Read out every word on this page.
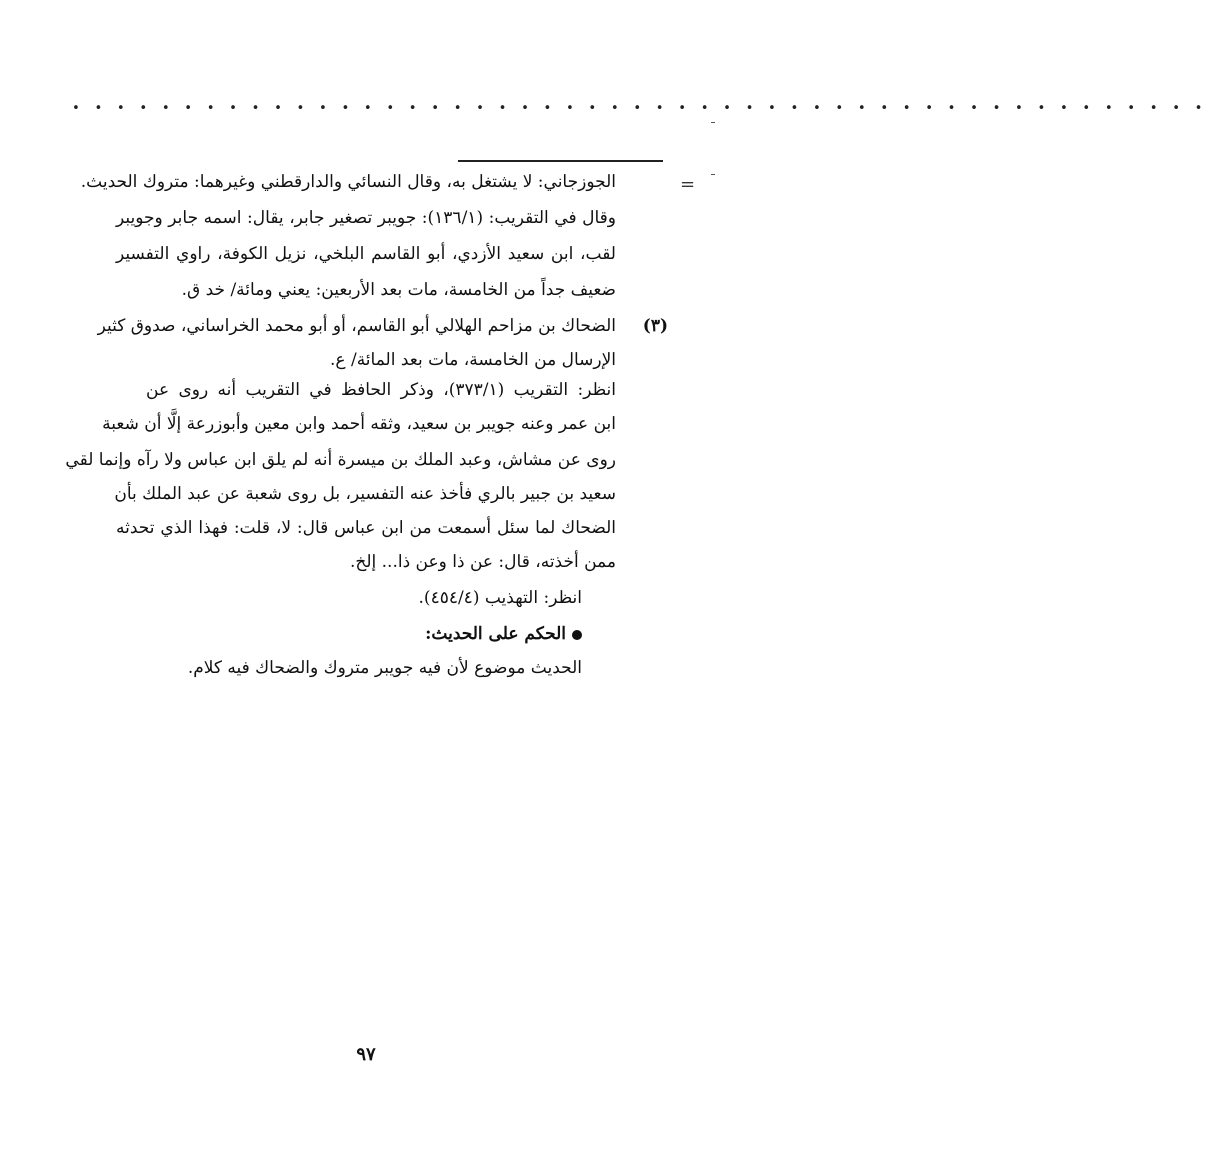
• • • • • • • • • • • • • • • • • • • • • • • • • • • • • • • • • • • • • • • • • • • • • • • • • • •
=
(٣)
الجوزجاني: لا يشتغل به، وقال النسائي والدارقطني وغيرهما: متروك الحديث.
وقال في التقريب: (١٣٦/١): جويبر تصغير جابر، يقال: اسمه جابر وجويبر
لقب، ابن سعيد الأزدي، أبو القاسم البلخي، نزيل الكوفة، راوي التفسير
ضعيف جداً من الخامسة، مات بعد الأربعين: يعني ومائة/ خد ق.
الضحاك بن مزاحم الهلالي أبو القاسم، أو أبو محمد الخراساني، صدوق كثير
الإرسال من الخامسة، مات بعد المائة/ ع.
انظر: التقريب (٣٧٣/١)، وذكر الحافظ في التقريب أنه روى عن
ابن عمر وعنه جويبر بن سعيد، وثقه أحمد وابن معين وأبوزرعة إلَّا أن شعبة
روى عن مشاش، وعبد الملك بن ميسرة أنه لم يلق ابن عباس ولا رآه وإنما لقي
سعيد بن جبير بالري فأخذ عنه التفسير، بل روى شعبة عن عبد الملك بأن
الضحاك لما سئل أسمعت من ابن عباس قال: لا، قلت: فهذا الذي تحدثه
ممن أخذته، قال: عن ذا وعن ذا... إلخ.
انظر: التهذيب (٤٥٤/٤).
الحكم على الحديث:
الحديث موضوع لأن فيه جويبر متروك والضحاك فيه كلام.
٩٧
